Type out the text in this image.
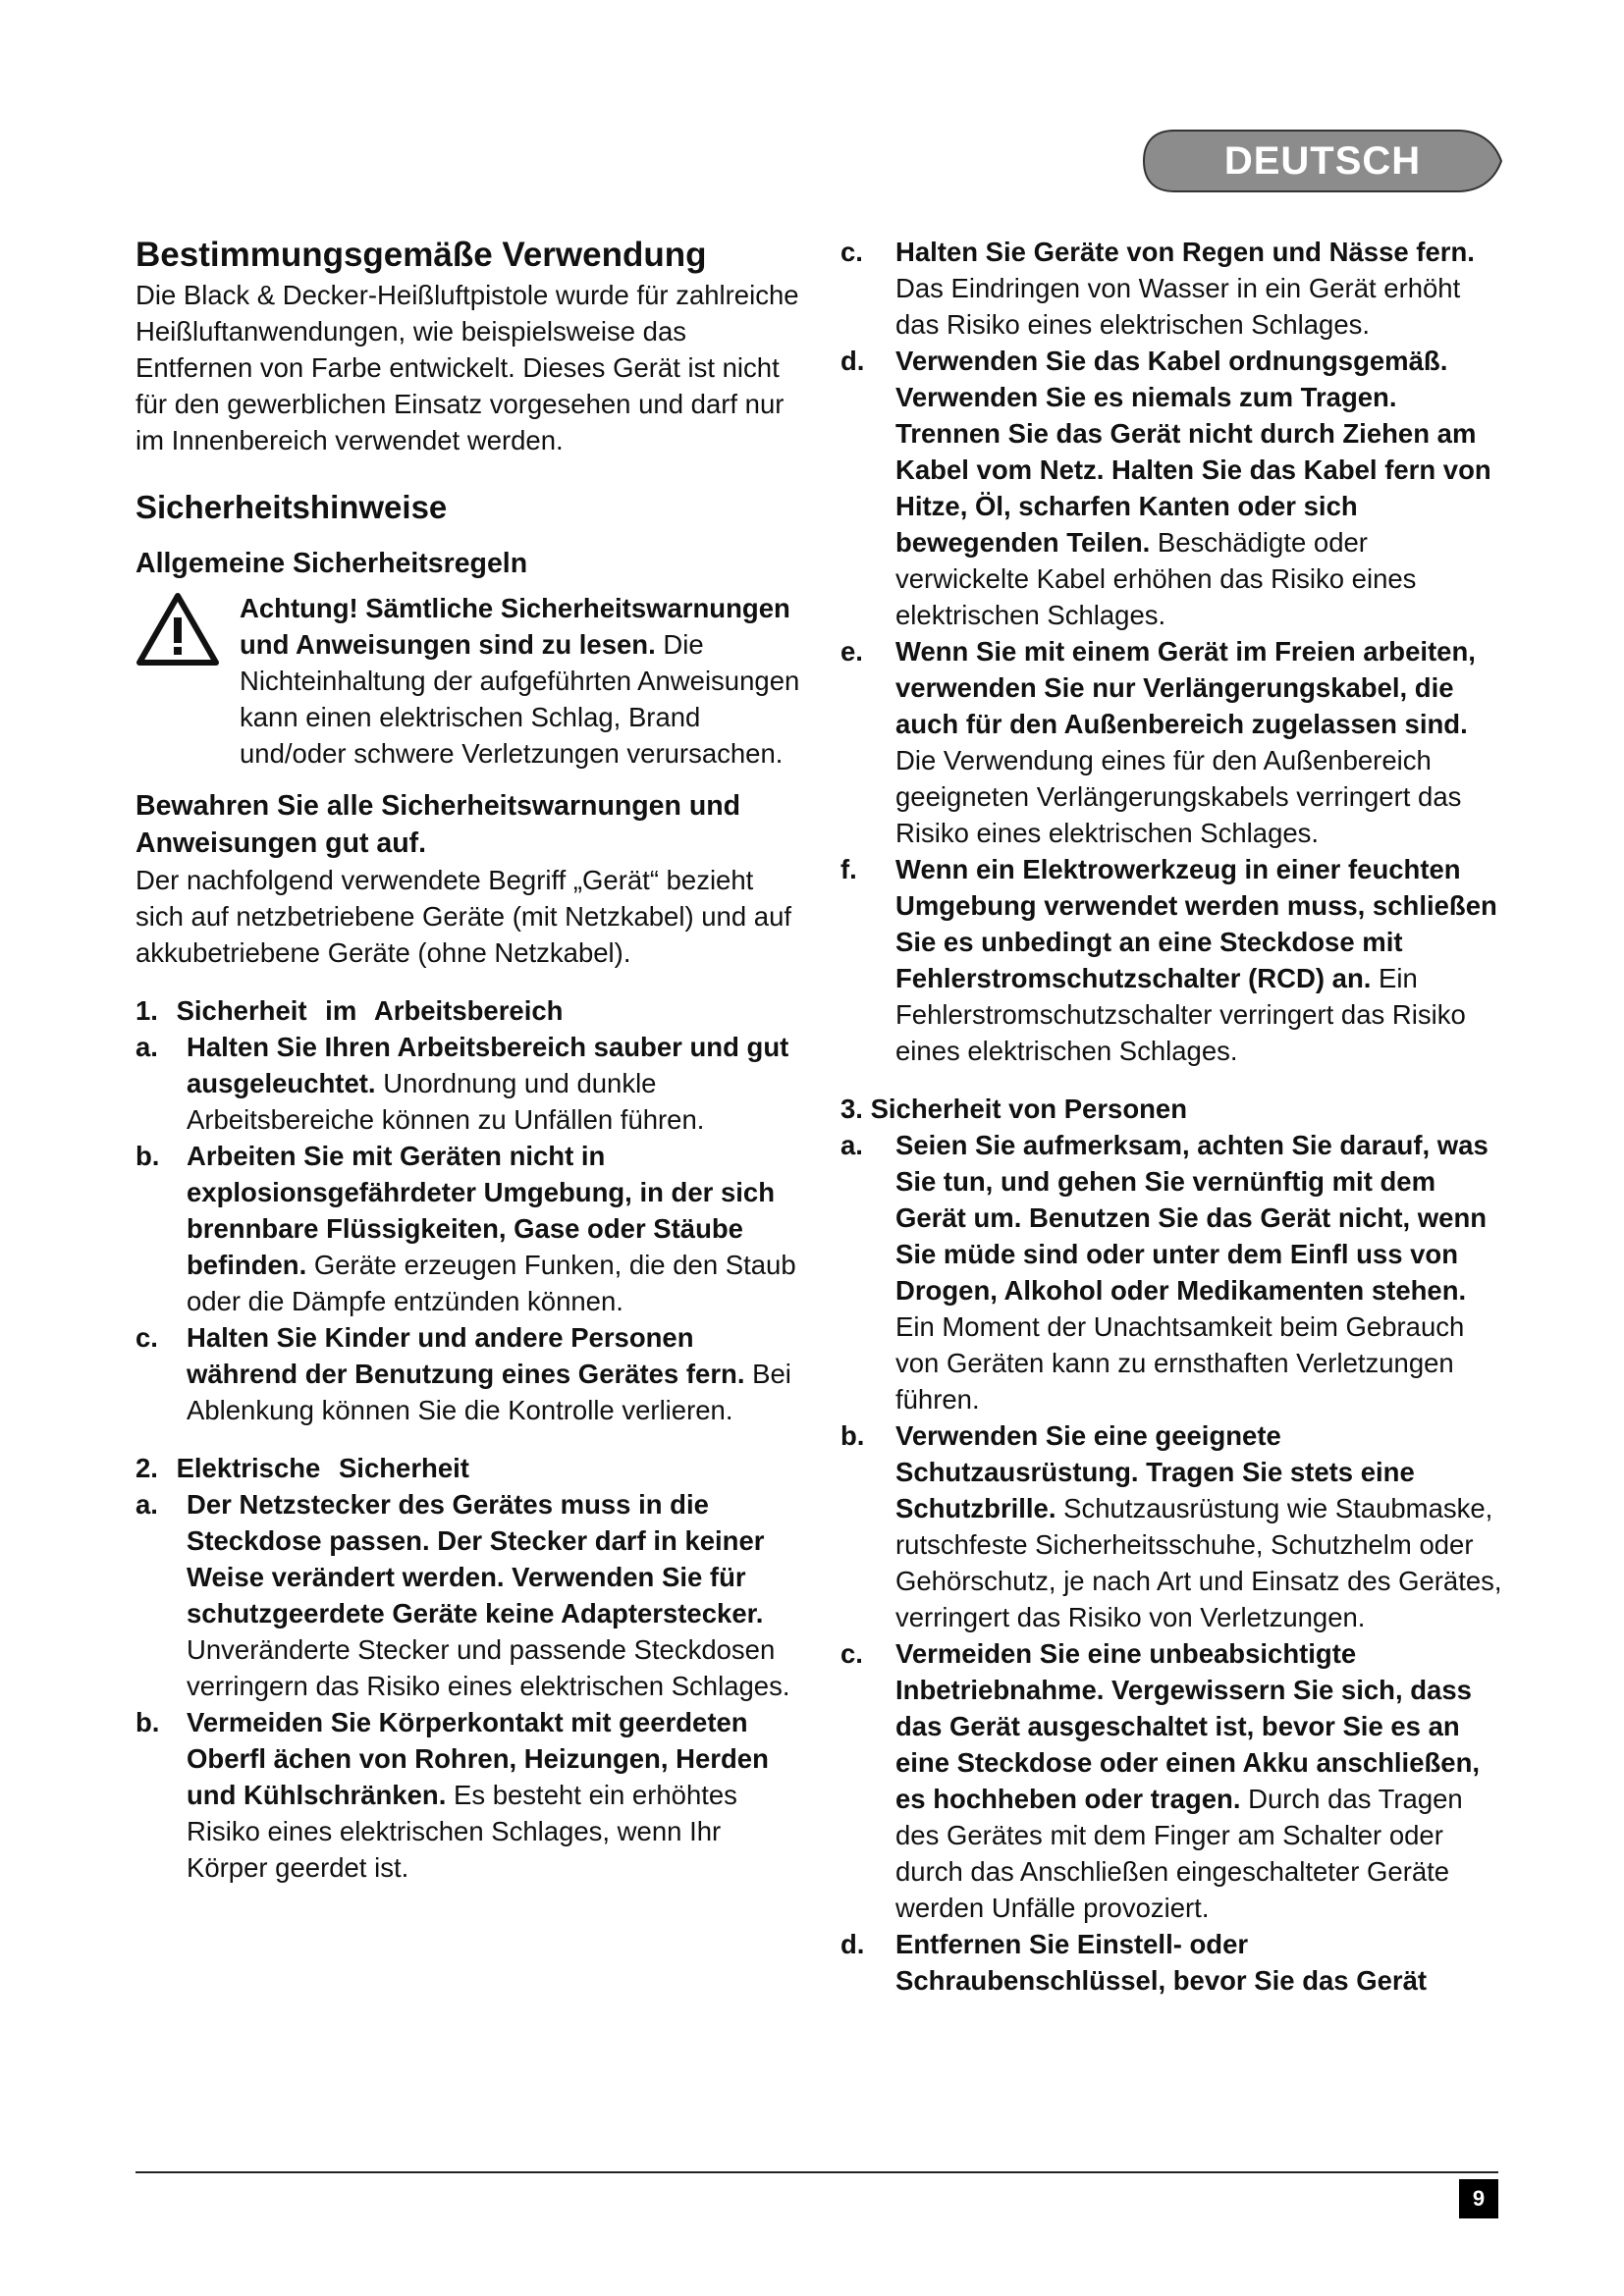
DEUTSCH
Bestimmungsgemäße Verwendung

Die Black & Decker-Heißluftpistole wurde für zahlreiche Heißluftanwendungen, wie beispielsweise das Entfernen von Farbe entwickelt. Dieses Gerät ist nicht für den gewerblichen Einsatz vorgesehen und darf nur im Innenbereich verwendet werden.

Sicherheitshinweise
Allgemeine Sicherheitsregeln

Achtung! Sämtliche Sicherheitswarnungen und Anweisungen sind zu lesen. Die Nichteinhaltung der aufgeführten Anweisungen kann einen elektrischen Schlag, Brand und/oder schwere Verletzungen verursachen.

Bewahren Sie alle Sicherheitswarnungen und Anweisungen gut auf.

Der nachfolgend verwendete Begriff „Gerät“ bezieht sich auf netzbetriebene Geräte (mit Netzkabel) und auf akkubetriebene Geräte (ohne Netzkabel).

1. Sicherheit im Arbeitsbereich

a. Halten Sie Ihren Arbeitsbereich sauber und gut ausgeleuchtet. Unordnung und dunkle Arbeitsbereiche können zu Unfällen führen.
b. Arbeiten Sie mit Geräten nicht in explosionsgefährdeter Umgebung, in der sich brennbare Flüssigkeiten, Gase oder Stäube befinden. Geräte erzeugen Funken, die den Staub oder die Dämpfe entzünden können.
c. Halten Sie Kinder und andere Personen während der Benutzung eines Gerätes fern. Bei Ablenkung können Sie die Kontrolle verlieren.

2. Elektrische Sicherheit

a. Der Netzstecker des Gerätes muss in die Steckdose passen. Der Stecker darf in keiner Weise verändert werden. Verwenden Sie für schutzgeerdete Geräte keine Adapterstecker. Unveränderte Stecker und passende Steckdosen verringern das Risiko eines elektrischen Schlages.
b. Vermeiden Sie Körperkontakt mit geerdeten Oberfl ächen von Rohren, Heizungen, Herden und Kühlschränken. Es besteht ein erhöhtes Risiko eines elektrischen Schlages, wenn Ihr Körper geerdet ist.
c. Halten Sie Geräte von Regen und Nässe fern. Das Eindringen von Wasser in ein Gerät erhöht das Risiko eines elektrischen Schlages.
d. Verwenden Sie das Kabel ordnungsgemäß. Verwenden Sie es niemals zum Tragen. Trennen Sie das Gerät nicht durch Ziehen am Kabel vom Netz. Halten Sie das Kabel fern von Hitze, Öl, scharfen Kanten oder sich bewegenden Teilen. Beschädigte oder verwickelte Kabel erhöhen das Risiko eines elektrischen Schlages.
e. Wenn Sie mit einem Gerät im Freien arbeiten, verwenden Sie nur Verlängerungskabel, die auch für den Außenbereich zugelassen sind. Die Verwendung eines für den Außenbereich geeigneten Verlängerungskabels verringert das Risiko eines elektrischen Schlages.
f. Wenn ein Elektrowerkzeug in einer feuchten Umgebung verwendet werden muss, schließen Sie es unbedingt an eine Steckdose mit Fehlerstromschutzschalter (RCD) an. Ein Fehlerstromschutzschalter verringert das Risiko eines elektrischen Schlages.

3. Sicherheit von Personen

a. Seien Sie aufmerksam, achten Sie darauf, was Sie tun, und gehen Sie vernünftig mit dem Gerät um. Benutzen Sie das Gerät nicht, wenn Sie müde sind oder unter dem Einfl uss von Drogen, Alkohol oder Medikamenten stehen. Ein Moment der Unachtsamkeit beim Gebrauch von Geräten kann zu ernsthaften Verletzungen führen.
b. Verwenden Sie eine geeignete Schutzausrüstung. Tragen Sie stets eine Schutzbrille. Schutzausrüstung wie Staubmaske, rutschfeste Sicherheitsschuhe, Schutzhelm oder Gehörschutz, je nach Art und Einsatz des Gerätes, verringert das Risiko von Verletzungen.
c. Vermeiden Sie eine unbeabsichtigte Inbetriebnahme. Vergewissern Sie sich, dass das Gerät ausgeschaltet ist, bevor Sie es an eine Steckdose oder einen Akku anschließen, es hochheben oder tragen. Durch das Tragen des Gerätes mit dem Finger am Schalter oder durch das Anschließen eingeschalteter Geräte werden Unfälle provoziert.
d. Entfernen Sie Einstell- oder Schraubenschlüssel, bevor Sie das Gerät
9
